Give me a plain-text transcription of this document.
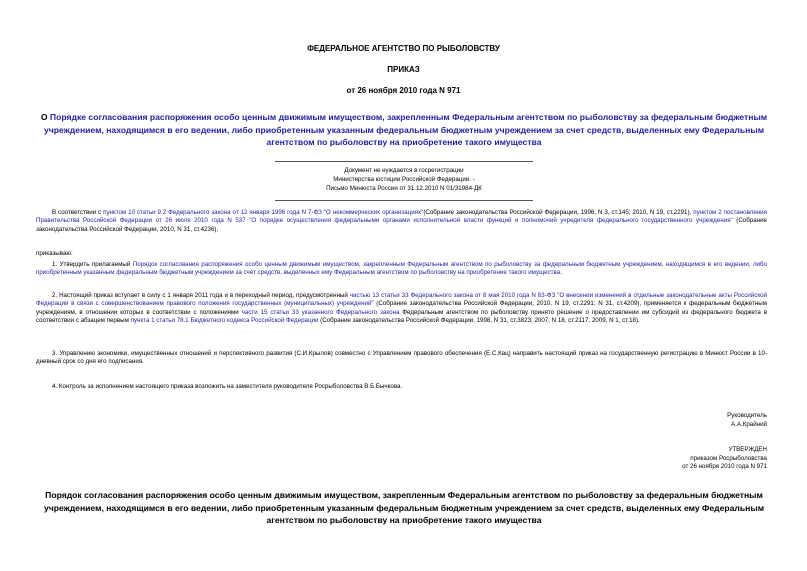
ФЕДЕРАЛЬНОЕ АГЕНТСТВО ПО РЫБОЛОВСТВУ
ПРИКАЗ
от 26 ноября 2010 года N 971
О Порядке согласования распоряжения особо ценным движимым имуществом, закрепленным Федеральным агентством по рыболовству за федеральным бюджетным учреждением, находящимся в его ведении, либо приобретенным указанным федеральным бюджетным учреждением за счет средств, выделенных ему Федеральным агентством по рыболовству на приобретение такого имущества
Документ не нуждается в госрегистрации
Министерства юстиции Российской Федерации. -
Письмо Минюста России от 31.12.2010 N 01/31984-ДК
В соответствии с пунктом 10 статьи 9.2 Федерального закона от 12 января 1996 года N 7-ФЗ "О некоммерческих организациях"(Собрание законодательства Российской Федерации, 1996, N 3, ст.145; 2010, N 19, ст.2291), пунктом 2 постановления Правительства Российской Федерации от 26 июля 2010 года N 537 "О порядке осуществления федеральными органами исполнительной власти функций и полномочий учредителя федерального государственного учреждения" (Собрание законодательства Российской Федерации, 2010, N 31, ст.4236),
приказываю:
1. Утвердить прилагаемый Порядок согласования распоряжения особо ценным движимым имуществом, закрепленным Федеральным агентством по рыболовству за федеральным бюджетным учреждением, находящимся в его ведении, либо приобретенным указанным федеральным бюджетным учреждением за счет средств, выделенных ему Федеральным агентством по рыболовству на приобретение такого имущества.
2. Настоящий приказ вступает в силу с 1 января 2011 года и в переходный период, предусмотренный частью 13 статьи 33 Федерального закона от 8 мая 2010 года N 83-ФЗ "О внесении изменений в отдельные законодательные акты Российской Федерации в связи с совершенствованием правового положения государственных (муниципальных) учреждений" (Собрание законодательства Российской Федерации, 2010, N 19, ст.2291; N 31, ст.4209), применяется к федеральным бюджетным учреждениям, в отношении которых в соответствии с положениями части 15 статьи 33 указанного Федерального закона Федеральным агентством по рыболовству принято решение о предоставлении им субсидий из федерального бюджета в соответствии с абзацем первым пункта 1 статьи 78.1 Бюджетного кодекса Российской Федерации (Собрание законодательства Российской Федерации, 1998, N 31, ст.3823; 2007, N 18, ст.2117; 2009, N 1, ст.18).
3. Управлению экономики, имущественных отношений и перспективного развития (С.И.Крылов) совместно с Управлением правового обеспечения (Е.С.Кац) направить настоящий приказ на государственную регистрацию в Минюст России в 10-дневный срок со дня его подписания.
4. Контроль за исполнением настоящего приказа возложить на заместителя руководителя Росрыболовства В.Б.Бычкова.
Руководитель
А.А.Крайний
УТВЕРЖДЕН
приказом Росрыболовства
от 26 ноября 2010 года N 971
Порядок согласования распоряжения особо ценным движимым имуществом, закрепленным Федеральным агентством по рыболовству за федеральным бюджетным учреждением, находящимся в его ведении, либо приобретенным указанным федеральным бюджетным учреждением за счет средств, выделенных ему Федеральным агентством по рыболовству на приобретение такого имущества
